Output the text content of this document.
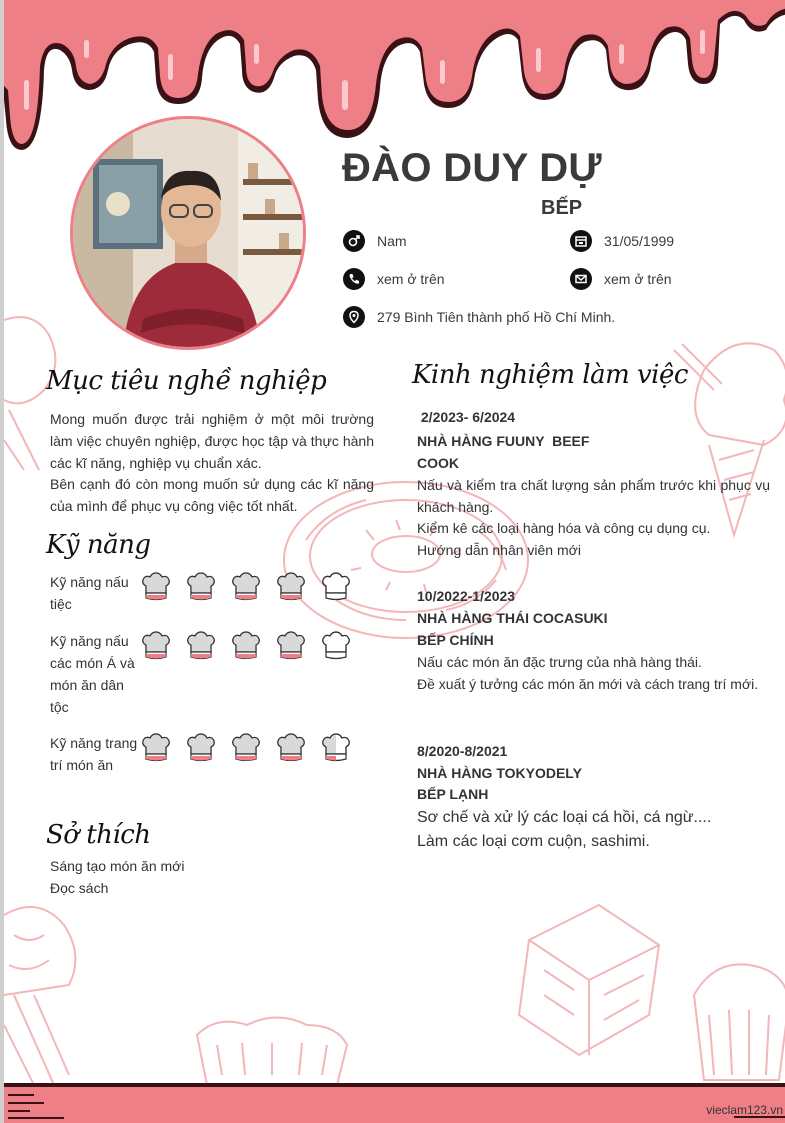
ĐÀO DUY DỰ
BẾP
Nam	31/05/1999
xem ở trên	xem ở trên
279 Bình Tiên thành phố Hồ Chí Minh.
Mục tiêu nghề nghiệp
Mong muốn được trải nghiệm ở một môi trường làm việc chuyên nghiệp, được học tập và thực hành các kĩ năng, nghiệp vụ chuẩn xác.
Bên cạnh đó còn mong muốn sử dụng các kĩ năng của mình để phục vụ công việc tốt nhất.
Kỹ năng
Kỹ năng nấu tiệc
Kỹ năng nấu các món Á và món ăn dân tộc
Kỹ năng trang trí món ăn
Sở thích
Sáng tạo món ăn mới
Đọc sách
Kinh nghiệm làm việc
2/2023- 6/2024
NHÀ HÀNG FUUNY  BEEF
COOK
Nấu và kiểm tra chất lượng sản phẩm trước khi phục vụ khách hàng.
Kiểm kê các loại hàng hóa và công cụ dụng cụ.
Hướng dẫn nhân viên mới
10/2022-1/2023
NHÀ HÀNG THÁI COCASUKI
BẾP CHÍNH
Nấu các món ăn đặc trưng của nhà hàng thái.
Đề xuất ý tưởng các món ăn mới và cách trang trí mới.
8/2020-8/2021
NHÀ HÀNG TOKYODELY
BẾP LẠNH
Sơ chế và xử lý các loại cá hồi, cá ngừ....
Làm các loại cơm cuộn, sashimi.
vieclam123.vn
